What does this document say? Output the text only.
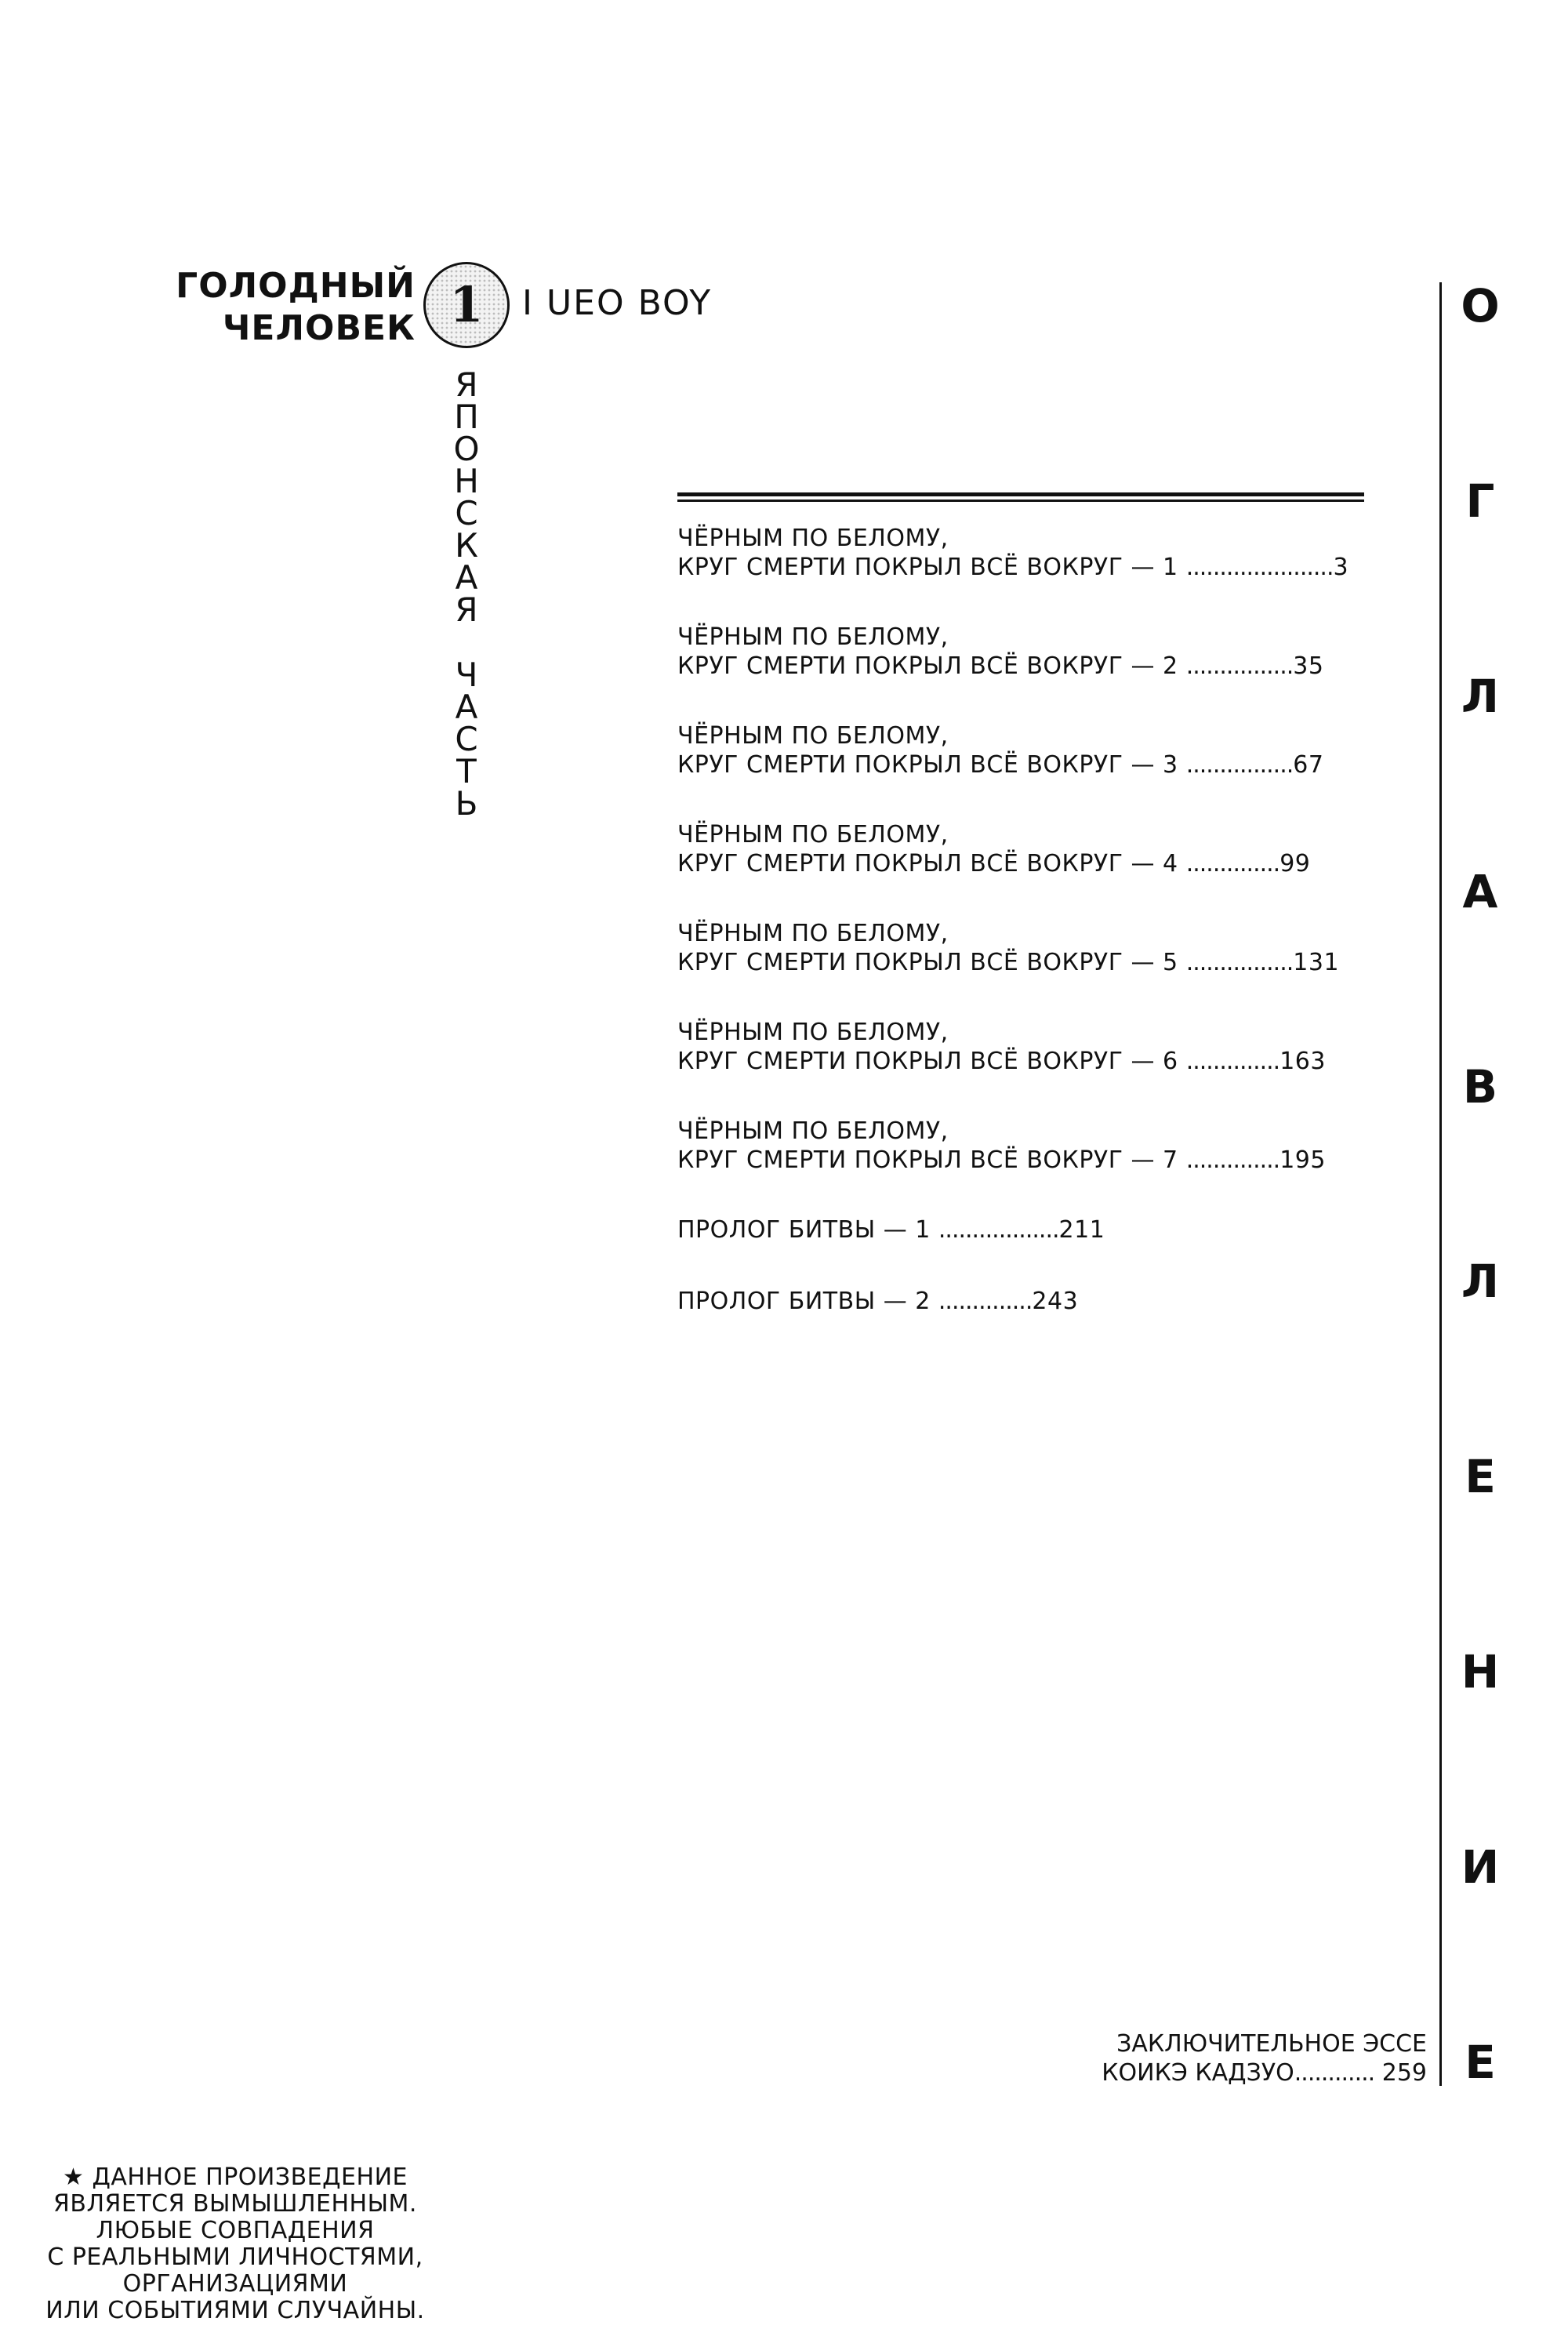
ГОЛОДНЫЙ
ЧЕЛОВЕК 1 I UEO BOY
Я
П
О
Н
С
К
А
Я
Ч
А
С
Т
Ь
О
Г
Л
А
В
Л
Е
Н
И
Е
ЧЁРНЫМ ПО БЕЛОМУ,
КРУГ СМЕРТИ ПОКРЫЛ ВСЁ ВОКРУГ — 1 ......................3
ЧЁРНЫМ ПО БЕЛОМУ,
КРУГ СМЕРТИ ПОКРЫЛ ВСЁ ВОКРУГ — 2 ................35
ЧЁРНЫМ ПО БЕЛОМУ,
КРУГ СМЕРТИ ПОКРЫЛ ВСЁ ВОКРУГ — 3 ................67
ЧЁРНЫМ ПО БЕЛОМУ,
КРУГ СМЕРТИ ПОКРЫЛ ВСЁ ВОКРУГ — 4 ..............99
ЧЁРНЫМ ПО БЕЛОМУ,
КРУГ СМЕРТИ ПОКРЫЛ ВСЁ ВОКРУГ — 5 ................131
ЧЁРНЫМ ПО БЕЛОМУ,
КРУГ СМЕРТИ ПОКРЫЛ ВСЁ ВОКРУГ — 6 ..............163
ЧЁРНЫМ ПО БЕЛОМУ,
КРУГ СМЕРТИ ПОКРЫЛ ВСЁ ВОКРУГ — 7 ..............195
ПРОЛОГ БИТВЫ — 1 ..................211
ПРОЛОГ БИТВЫ — 2 ..............243
ЗАКЛЮЧИТЕЛЬНОЕ ЭССЕ
КОИКЭ КАДЗУО............ 259
★ ДАННОЕ ПРОИЗВЕДЕНИЕ
ЯВЛЯЕТСЯ ВЫМЫШЛЕННЫМ.
ЛЮБЫЕ СОВПАДЕНИЯ
С РЕАЛЬНЫМИ ЛИЧНОСТЯМИ,
ОРГАНИЗАЦИЯМИ
ИЛИ СОБЫТИЯМИ СЛУЧАЙНЫ.
